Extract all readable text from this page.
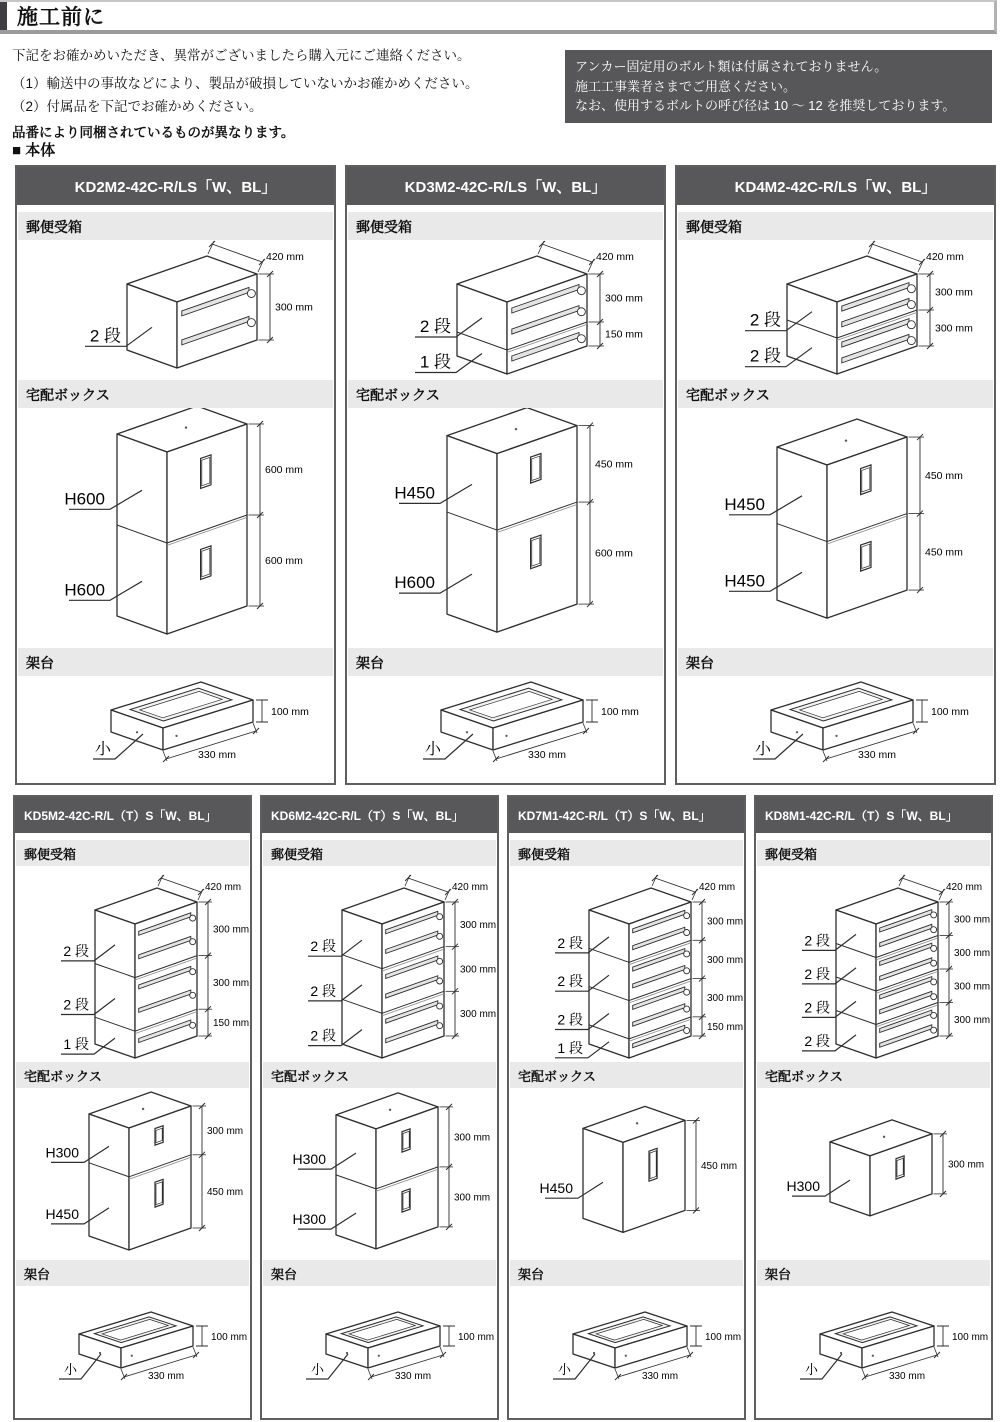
施工前に

下記をお確かめいただき、異常がございましたら購入元にご連絡ください。

（1）輸送中の事故などにより、製品が破損していないかお確かめください。

（2）付属品を下記でお確かめください。

品番により同梱されているものが異なります。

アンカー固定用のボルト類は付属されておりません。

施工工事業者さまでご用意ください。

なお、使用するボルトの呼び径は 10 ～ 12 を推奨しております。

■ 本体
KD2M2-42C-R/LS「W、BL」
郵便受箱
300 mm
420 mm
2 段
宅配ボックス
600 mm
600 mm
H600
H600
架台
100 mm
330 mm
小
KD3M2-42C-R/LS「W、BL」
郵便受箱
300 mm
150 mm
420 mm
2 段
1 段
宅配ボックス
450 mm
600 mm
H450
H600
架台
100 mm
330 mm
小
KD4M2-42C-R/LS「W、BL」
郵便受箱
300 mm
300 mm
420 mm
2 段
2 段
宅配ボックス
450 mm
450 mm
H450
H450
架台
100 mm
330 mm
小
KD5M2-42C-R/L（T）S「W、BL」
郵便受箱
300 mm
300 mm
150 mm
420 mm
2 段
2 段
1 段
宅配ボックス
300 mm
450 mm
H300
H450
架台
100 mm
330 mm
小
KD6M2-42C-R/L（T）S「W、BL」
郵便受箱
300 mm
300 mm
300 mm
420 mm
2 段
2 段
2 段
宅配ボックス
300 mm
300 mm
H300
H300
架台
100 mm
330 mm
小
KD7M1-42C-R/L（T）S「W、BL」
郵便受箱
300 mm
300 mm
300 mm
150 mm
420 mm
2 段
2 段
2 段
1 段
宅配ボックス
450 mm
H450
架台
100 mm
330 mm
小
KD8M1-42C-R/L（T）S「W、BL」
郵便受箱
300 mm
300 mm
300 mm
300 mm
420 mm
2 段
2 段
2 段
2 段
宅配ボックス
300 mm
H300
架台
100 mm
330 mm
小
